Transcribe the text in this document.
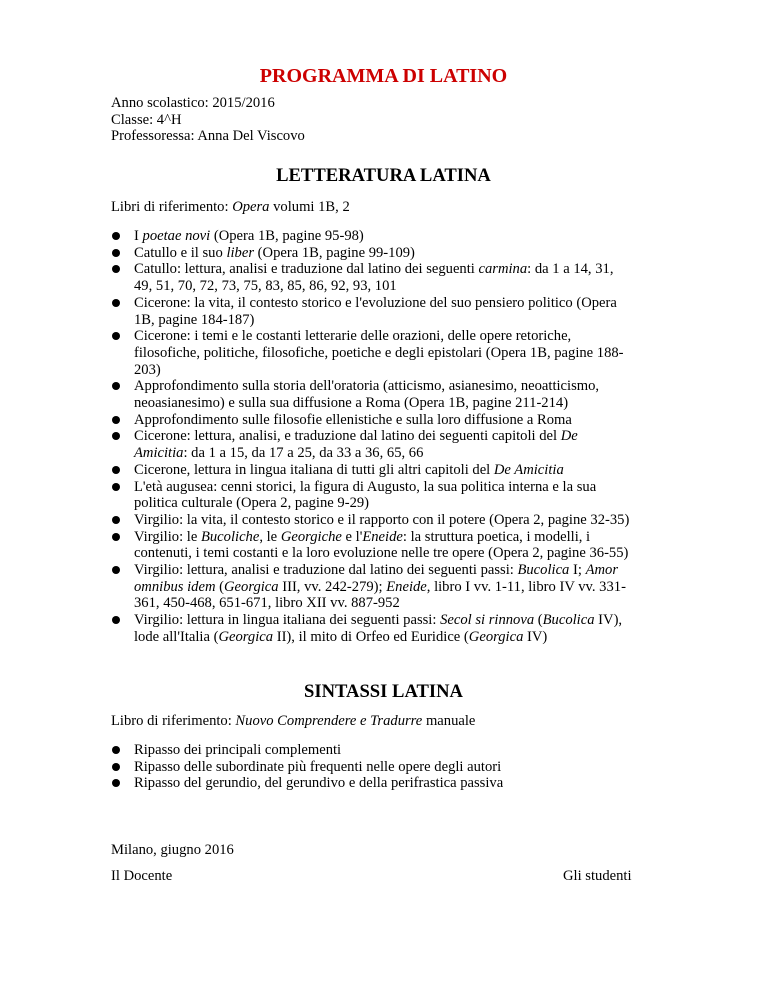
PROGRAMMA DI LATINO
Anno scolastico: 2015/2016
Classe: 4^H
Professoressa: Anna Del Viscovo
LETTERATURA LATINA
Libri di riferimento: Opera volumi 1B, 2
I poetae novi (Opera 1B, pagine 95-98)
Catullo e il suo liber (Opera 1B, pagine 99-109)
Catullo: lettura, analisi e traduzione dal latino dei seguenti carmina: da 1 a 14, 31,
49, 51, 70, 72, 73, 75, 83, 85, 86, 92, 93, 101
Cicerone: la vita, il contesto storico e l'evoluzione del suo pensiero politico (Opera
1B, pagine 184-187)
Cicerone: i temi e le costanti letterarie delle orazioni, delle opere retoriche,
filosofiche, politiche, filosofiche, poetiche e degli epistolari (Opera 1B, pagine 188-
203)
Approfondimento sulla storia dell'oratoria (atticismo, asianesimo, neoatticismo,
neoasianesimo) e sulla sua diffusione a Roma (Opera 1B, pagine 211-214)
Approfondimento sulle filosofie ellenistiche e sulla loro diffusione a Roma
Cicerone: lettura, analisi, e traduzione dal latino dei seguenti capitoli del De
Amicitia: da 1 a 15, da 17 a 25, da 33 a 36, 65, 66
Cicerone, lettura in lingua italiana di tutti gli altri capitoli del De Amicitia
L'età augusea: cenni storici, la figura di Augusto, la sua politica interna e la sua
politica culturale (Opera 2, pagine 9-29)
Virgilio: la vita, il contesto storico e il rapporto con il potere (Opera 2, pagine 32-35)
Virgilio: le Bucoliche, le Georgiche e l'Eneide: la struttura poetica, i modelli, i
contenuti, i temi costanti e la loro evoluzione nelle tre opere (Opera 2, pagine 36-55)
Virgilio: lettura, analisi e traduzione dal latino dei seguenti passi: Bucolica I; Amor
omnibus idem (Georgica III, vv. 242-279); Eneide, libro I vv. 1-11, libro IV vv. 331-
361, 450-468, 651-671, libro XII vv. 887-952
Virgilio: lettura in lingua italiana dei seguenti passi: Secol si rinnova (Bucolica IV),
lode all'Italia (Georgica II), il mito di Orfeo ed Euridice (Georgica IV)
SINTASSI LATINA
Libro di riferimento: Nuovo Comprendere e Tradurre manuale
Ripasso dei principali complementi
Ripasso delle subordinate più frequenti nelle opere degli autori
Ripasso del gerundio, del gerundivo e della perifrastica passiva
Milano, giugno 2016
Il Docente	Gli studenti
